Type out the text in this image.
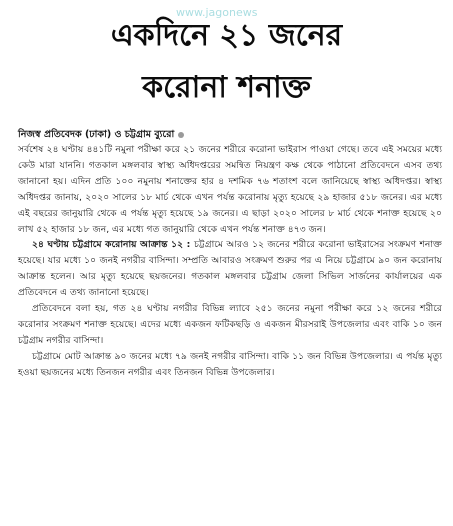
www.jagonews
একদিনে ২১ জনের
করোনা শনাক্ত
নিজস্ব প্রতিবেদক (ঢাকা) ও চট্টগ্রাম ব্যুরো

সর্বশেষ ২৪ ঘণ্টায় ৪৪১টি নমুনা পরীক্ষা করে ২১ জনের শরীরে করোনা ভাইরাস পাওয়া গেছে। তবে এই সময়ের মধ্যে কেউ মারা যাননি। গতকাল মঙ্গলবার স্বাস্থ্য অধিদপ্তরের সমন্বিত নিয়ন্ত্রণ কক্ষ থেকে পাঠানো প্রতিবেদনে এসব তথ্য জানানো হয়। এদিন প্রতি ১০০ নমুনায় শনাক্তের হার ৪ দশমিক ৭৬ শতাংশ বলে জানিয়েছে স্বাস্থ্য অধিদপ্তর। স্বাস্থ্য অধিদপ্তর জানায়, ২০২০ সালের ১৮ মার্চ থেকে এখন পর্যন্ত করোনায় মৃত্যু হয়েছে ২৯ হাজার ৫১৮ জনের। এর মধ্যে এই বছরের জানুয়ারি থেকে এ পর্যন্ত মৃত্যু হয়েছে ১৯ জনের। এ ছাড়া ২০২০ সালের ৮ মার্চ থেকে শনাক্ত হয়েছে ২০ লাখ ৫২ হাজার ১৮ জন, এর মধ্যে গত জানুয়ারি থেকে এখন পর্যন্ত শনাক্ত ৪৭৩ জন।

২৪ ঘণ্টায় চট্টগ্রামে করোনায় আক্রান্ত ১২ : চট্টগ্রামে আরও ১২ জনের শরীরে করোনা ভাইরাসের সংক্রমণ শনাক্ত হয়েছে। যার মধ্যে ১০ জনই নগরীর বাসিন্দা। সম্প্রতি আবারও সংক্রমণ শুরুর পর এ নিয়ে চট্টগ্রামে ৯০ জন করোনায় আক্রান্ত হলেন। আর মৃত্যু হয়েছে ছয়জনের। গতকাল মঙ্গলবার চট্টগ্রাম জেলা সিভিল সার্জনের কার্যালয়ের এক প্রতিবেদনে এ তথ্য জানানো হয়েছে।

প্রতিবেদনে বলা হয়, গত ২৪ ঘণ্টায় নগরীর বিভিন্ন ল্যাবে ২৫১ জনের নমুনা পরীক্ষা করে ১২ জনের শরীরে করোনার সংক্রমণ শনাক্ত হয়েছে। এদের মধ্যে একজন ফটিকছড়ি ও একজন মীরসরাই উপজেলার এবং বাকি ১০ জন চট্টগ্রাম নগরীর বাসিন্দা।

চট্টগ্রামে মোট আক্রান্ত ৯০ জনের মধ্যে ৭৯ জনই নগরীর বাসিন্দা। বাকি ১১ জন বিভিন্ন উপজেলার। এ পর্যন্ত মৃত্যু হওয়া ছয়জনের মধ্যে তিনজন নগরীর এবং তিনজন বিভিন্ন উপজেলার।
